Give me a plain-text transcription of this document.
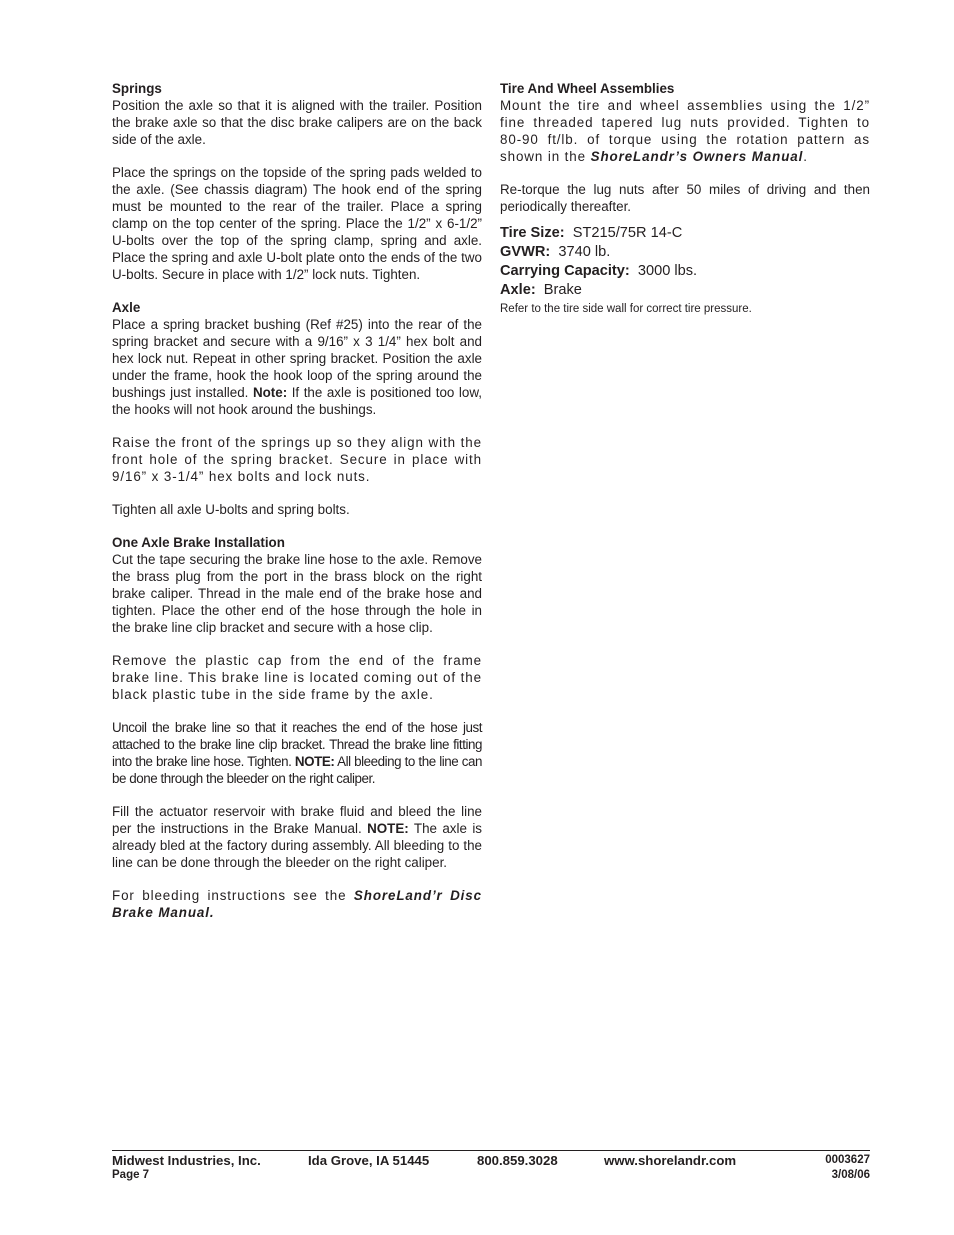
Springs

Position the axle so that it is aligned with the trailer. Position the brake axle so that the disc brake calipers are on the back side of the axle.

Place the springs on the topside of the spring pads welded to the axle. (See chassis diagram) The hook end of the spring must be mounted to the rear of the trailer. Place a spring clamp on the top center of the spring. Place the 1/2” x 6-1/2” U-bolts over the top of the spring clamp, spring and axle. Place the spring and axle U-bolt plate onto the ends of the two U-bolts. Secure in place with 1/2” lock nuts. Tighten.

Axle

Place a spring bracket bushing (Ref #25) into the rear of the spring bracket and secure with a 9/16” x 3 1/4” hex bolt and hex lock nut. Repeat in other spring bracket. Position the axle under the frame, hook the hook loop of the spring around the bushings just installed. Note: If the axle is positioned too low, the hooks will not hook around the bushings.

Raise the front of the springs up so they align with the front hole of the spring bracket. Secure in place with 9/16” x 3-1/4” hex bolts and lock nuts.

Tighten all axle U-bolts and spring bolts.

One Axle Brake Installation

Cut the tape securing the brake line hose to the axle. Remove the brass plug from the port in the brass block on the right brake caliper. Thread in the male end of the brake hose and tighten. Place the other end of the hose through the hole in the brake line clip bracket and secure with a hose clip.

Remove the plastic cap from the end of the frame brake line. This brake line is located coming out of the black plastic tube in the side frame by the axle.

Uncoil the brake line so that it reaches the end of the hose just attached to the brake line clip bracket. Thread the brake line fitting into the brake line hose. Tighten. NOTE: All bleeding to the line can be done through the bleeder on the right caliper.

Fill the actuator reservoir with brake fluid and bleed the line per the instructions in the Brake Manual. NOTE: The axle is already bled at the factory during assembly. All bleeding to the line can be done through the bleeder on the right caliper.

For bleeding instructions see the ShoreLand’r Disc Brake Manual.

Tire And Wheel Assemblies

Mount the tire and wheel assemblies using the 1/2” fine threaded tapered lug nuts provided. Tighten to 80-90 ft/lb. of torque using the rotation pattern as shown in the ShoreLandr’s Owners Manual.

Re-torque the lug nuts after 50 miles of driving and then periodically thereafter.

Tire Size: ST215/75R 14-C
GVWR: 3740 lb.
Carrying Capacity: 3000 lbs.
Axle: Brake
Refer to the tire side wall for correct tire pressure.
Midwest Industries, Inc.	Ida Grove, IA 51445	800.859.3028	www.shorelandr.com	0003627
Page 7	3/08/06
